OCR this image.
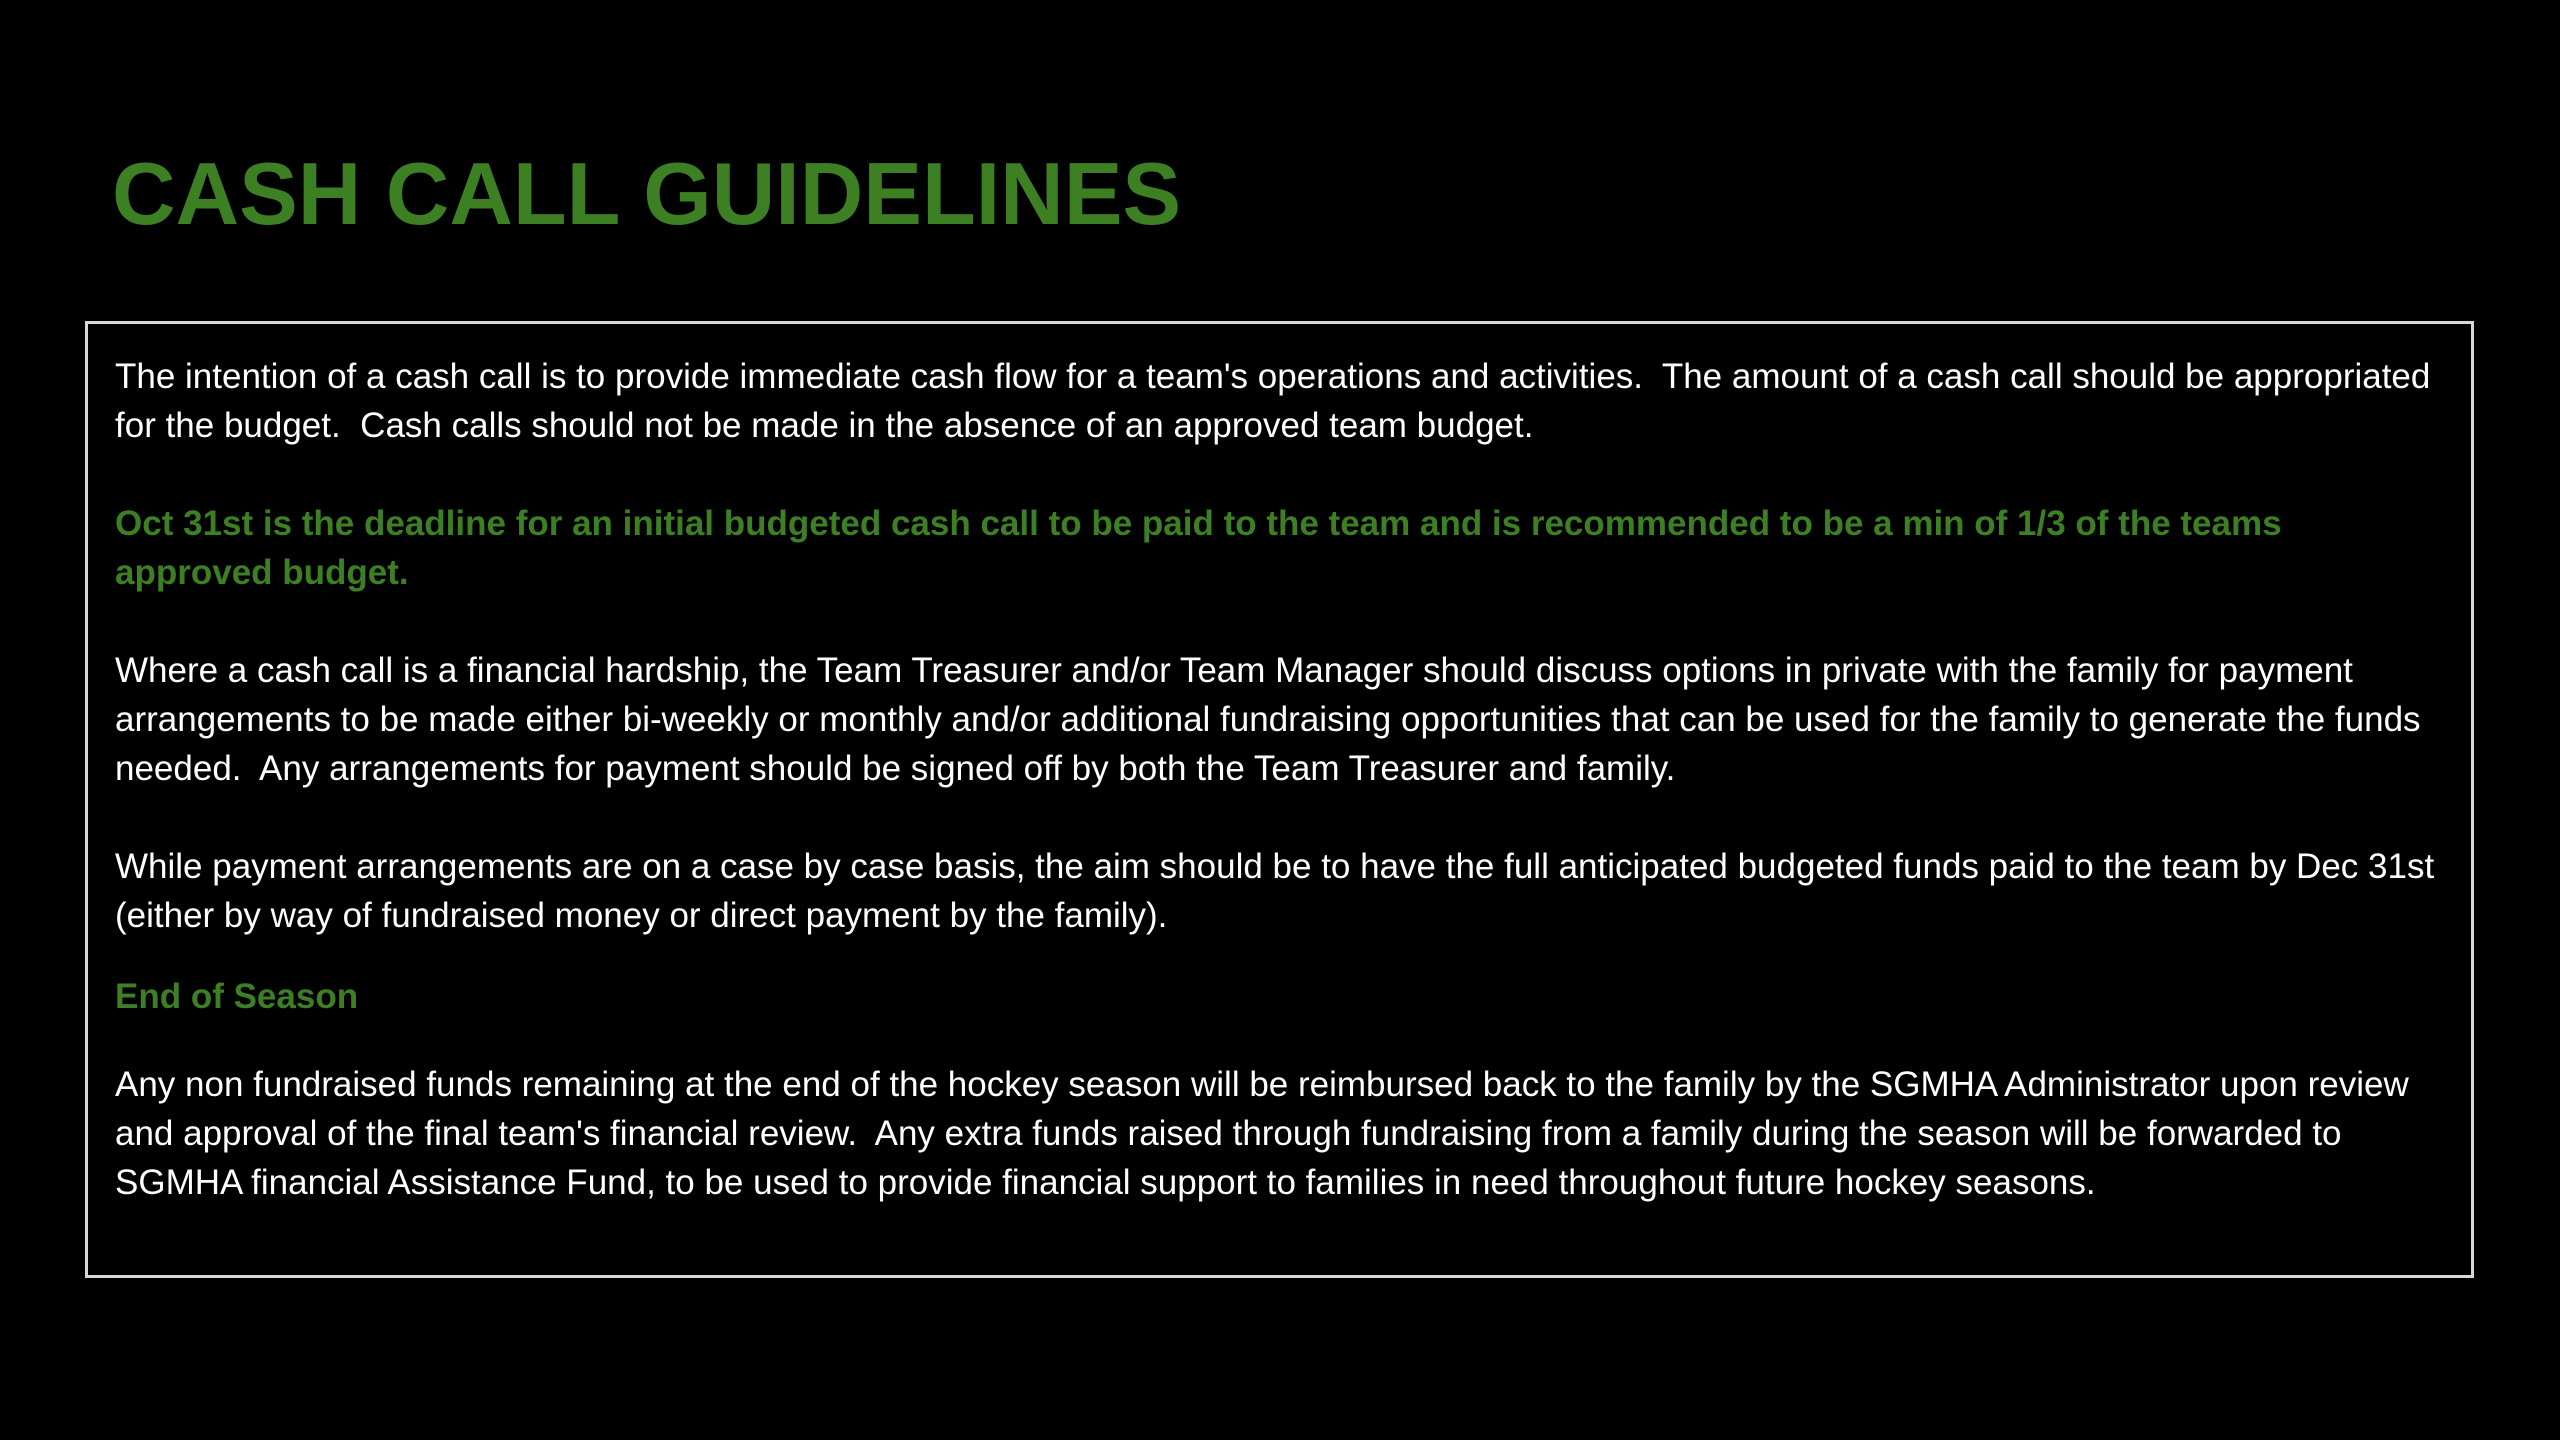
CASH CALL GUIDELINES

The intention of a cash call is to provide immediate cash flow for a team's operations and activities.  The amount of a cash call should be appropriated for the budget.  Cash calls should not be made in the absence of an approved team budget.

Oct 31st is the deadline for an initial budgeted cash call to be paid to the team and is recommended to be a min of 1/3 of the teams approved budget.

Where a cash call is a financial hardship, the Team Treasurer and/or Team Manager should discuss options in private with the family for payment arrangements to be made either bi-weekly or monthly and/or additional fundraising opportunities that can be used for the family to generate the funds needed.  Any arrangements for payment should be signed off by both the Team Treasurer and family.

While payment arrangements are on a case by case basis, the aim should be to have the full anticipated budgeted funds paid to the team by Dec 31st (either by way of fundraised money or direct payment by the family).

End of Season

Any non fundraised funds remaining at the end of the hockey season will be reimbursed back to the family by the SGMHA Administrator upon review and approval of the final team's financial review.  Any extra funds raised through fundraising from a family during the season will be forwarded to SGMHA financial Assistance Fund, to be used to provide financial support to families in need throughout future hockey seasons.
